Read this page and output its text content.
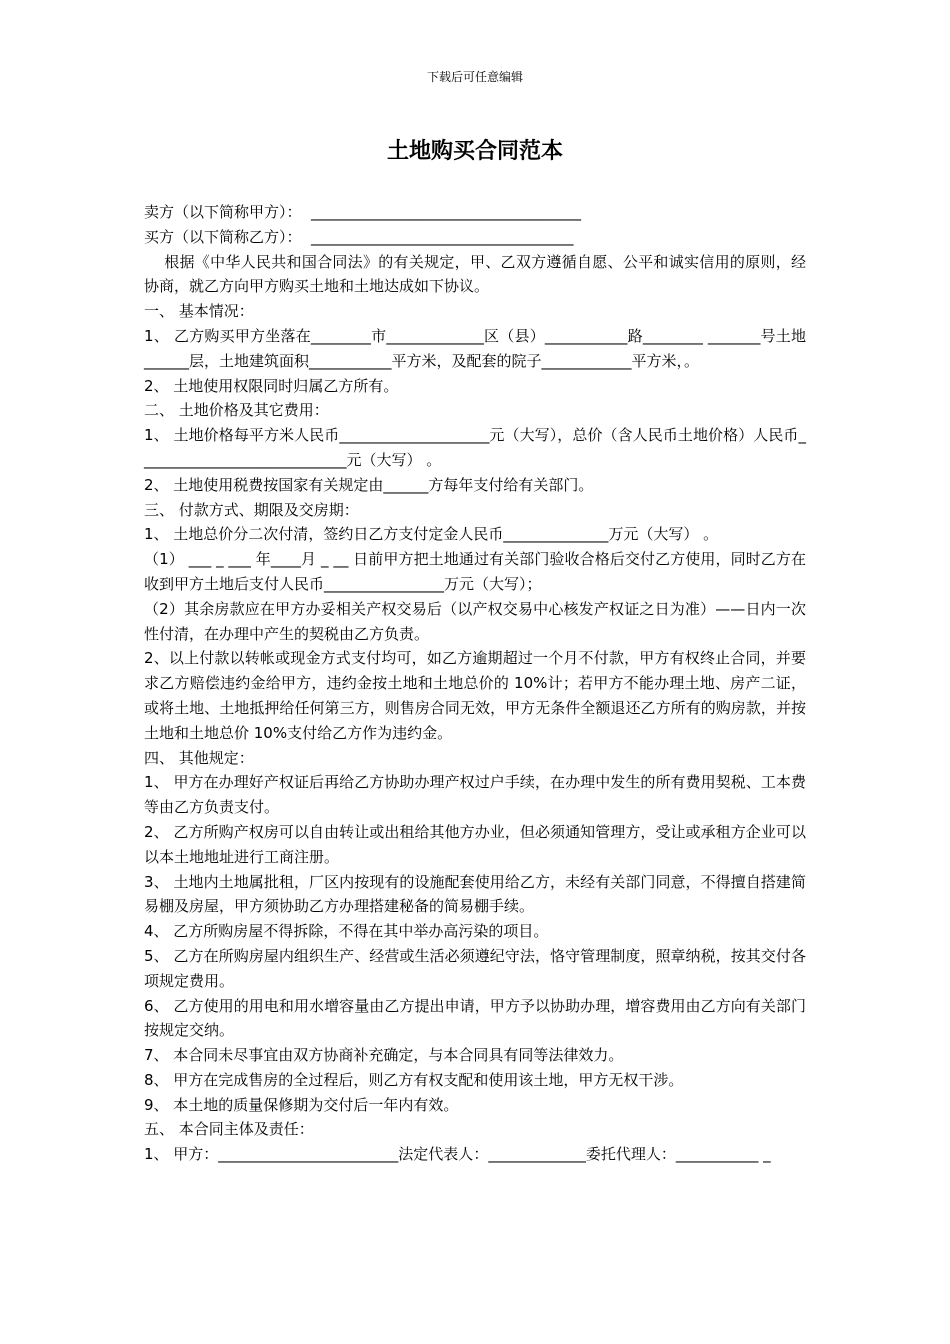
下载后可任意编辑
土地购买合同范本
卖方（以下简称甲方）：  ____________________________________
买方（以下简称乙方）：  ___________________________________
根据《中华人民共和国合同法》的有关规定，甲、乙双方遵循自愿、公平和诚实信用的原则，经协商，就乙方向甲方购买土地和土地达成如下协议。
一、 基本情况：
1、 乙方购买甲方坐落在________市_____________区（县）___________路________ _______号土地______层，土地建筑面积___________平方米，及配套的院子____________平方米，。
2、 土地使用权限同时归属乙方所有。
二、 土地价格及其它费用：
1、 土地价格每平方米人民币____________________元（大写），总价（含人民币土地价格）人民币____________________________元（大写） 。
2、 土地使用税费按国家有关规定由______方每年支付给有关部门。
三、 付款方式、期限及交房期：
1、 土地总价分二次付清，签约日乙方支付定金人民币______________万元（大写） 。
（1） ___ _ ___ 年____月 _ __ 日前甲方把土地通过有关部门验收合格后交付乙方使用，同时乙方在收到甲方土地后支付人民币________________万元（大写）；
（2）其余房款应在甲方办妥相关产权交易后（以产权交易中心核发产权证之日为准）——日内一次性付清，在办理中产生的契税由乙方负责。
2、以上付款以转帐或现金方式支付均可，如乙方逾期超过一个月不付款，甲方有权终止合同，并要求乙方赔偿违约金给甲方，违约金按土地和土地总价的 10%计；若甲方不能办理土地、房产二证，或将土地、土地抵押给任何第三方，则售房合同无效，甲方无条件全额退还乙方所有的购房款，并按土地和土地总价 10%支付给乙方作为违约金。
四、 其他规定：
1、 甲方在办理好产权证后再给乙方协助办理产权过户手续，在办理中发生的所有费用契税、工本费等由乙方负责支付。
2、 乙方所购产权房可以自由转让或出租给其他方办业，但必须通知管理方，受让或承租方企业可以以本土地地址进行工商注册。
3、 土地内土地属批租，厂区内按现有的设施配套使用给乙方，未经有关部门同意，不得擅自搭建简易棚及房屋，甲方须协助乙方办理搭建秘备的简易棚手续。
4、 乙方所购房屋不得拆除，不得在其中举办高污染的项目。
5、 乙方在所购房屋内组织生产、经营或生活必须遵纪守法，恪守管理制度，照章纳税，按其交付各项规定费用。
6、 乙方使用的用电和用水增容量由乙方提出申请，甲方予以协助办理，增容费用由乙方向有关部门按规定交纳。
7、 本合同未尽事宜由双方协商补充确定，与本合同具有同等法律效力。
8、 甲方在完成售房的全过程后，则乙方有权支配和使用该土地，甲方无权干涉。
9、 本土地的质量保修期为交付后一年内有效。
五、 本合同主体及责任：
1、 甲方：________________________法定代表人：_____________委托代理人：___________ _
